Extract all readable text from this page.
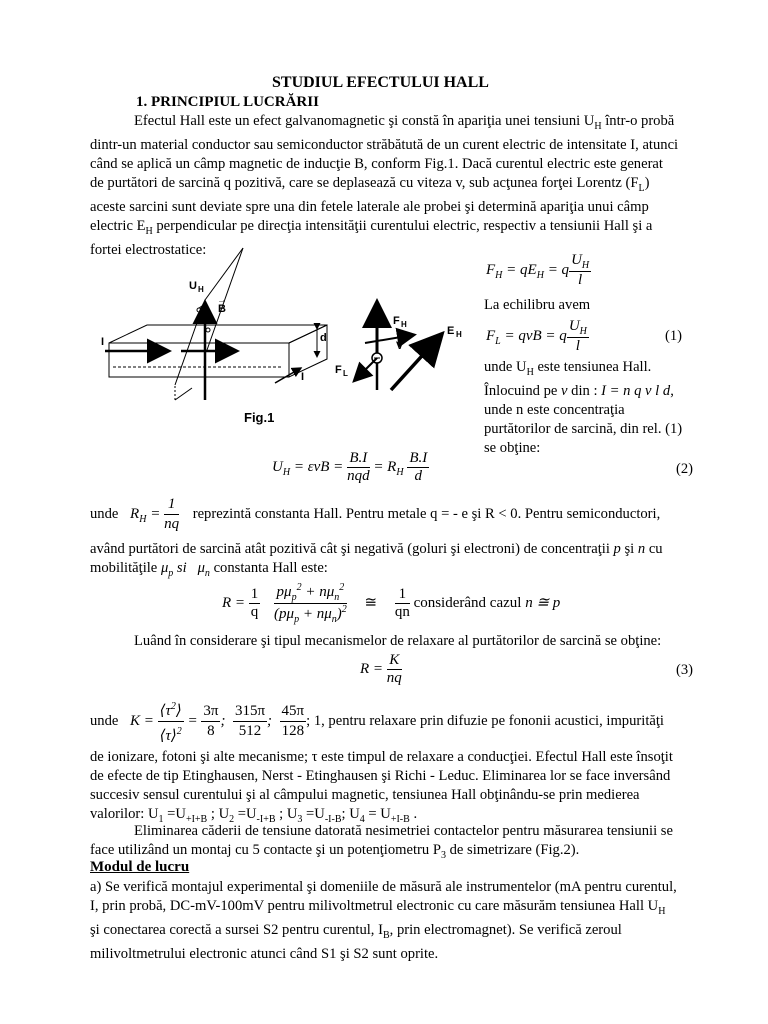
STUDIUL EFECTULUI HALL
1. PRINCIPIUL LUCRĂRII
Efectul Hall este un efect galvanomagnetic şi constă în apariţia unei tensiuni $U_H$ într-o probă
dintr-un material conductor sau semiconductor străbătută de un curent electric de intensitate I, atunci
când se aplică un câmp magnetic de inducţie B, conform Fig.1. Dacă curentul electric este generat
de purtători de sarcină q pozitivă, care se deplasează cu viteza v, sub acţunea forţei Lorentz $(F_L)$
aceste sarcini sunt deviate spre una din fetele laterale ale probei şi determină apariţia unui câmp
electric $E_H$ perpendicular pe direcţia intensităţii curentului electric, respectiv a tensiunii Hall şi a
fortei electrostatice:
U H
B
→
I	d
I
F H
E H
V
F L
Fig.1
$F_H = qE_H = q \frac{U_H}{l}$
La echilibru avem
$F_L$ = qvB = q $\frac{U_H}{l}$	(1)
unde $U_H$ este tensiunea Hall.
Înlocuind pe v din : I = n q v l d,
unde n este concentraţia
purtătorilor de sarcină, din rel. (1)
se obţine:
$U_H = \varepsilon vB = \frac{B.I}{\text{nqd}} = R_H \frac{B.I}{d}$	(2)
unde $R_H = \frac{1}{nq}$ reprezintă constanta Hall. Pentru metale q = - e şi R < 0. Pentru semiconductori,
având purtători de sarcină atât pozitivă cât şi negativă (goluri şi electroni) de concentraţii p şi n cu
mobilităţile $\mu_p$ si   $\mu_n$ constanta Hall este:
$R = \frac{1}{q}$
$\frac{p\mu_p^2 + n\mu_n^2}{(p\mu_p + n\mu_n)^2}$ ≅ $\frac{1}{qn}$ considerând cazul n ≅ p
Luând în considerare şi tipul mecanismelor de relaxare al purtătorilor de sarcină se obţine:
$R = \frac{K}{nq}$	(3)
unde $K = \frac{⟨\tau^2⟩}{⟨\tau⟩^2} = \frac{3\pi}{8}$ ; $\frac{315\pi}{512}$ ; $\frac{45\pi}{128}$ ; 1, pentru relaxare prin difuzie pe fononii acustici, impurităţi
de ionizare, fotoni şi alte mecanisme; τ este timpul de relaxare a conducţiei. Efectul Hall este însoţit
de efecte de tip Etinghausen, Nerst - Etinghausen şi Richi - Leduc. Eliminarea lor se face inversând
succesiv sensul curentului şi al câmpului magnetic, tensiunea Hall obţinându-se prin medierea
valorilor: $U_1 =U_{+I+B}$ ; $U_2 =U_{-I+B}$ ; $U_3 =U_{-I-B}$; $U_4 = U_{+I-B}$ .
Eliminarea căderii de tensiune datorată nesimetriei contactelor pentru măsurarea tensiunii se
face utilizând un montaj cu 5 contacte şi un potenţiometru $P_3$ de simetrizare (Fig.2).
Modul de lucru
a) Se verifică montajul experimental şi domeniile de măsură ale instrumentelor (mA pentru curentul,
I, prin probă, DC-mV-100mV pentru milivoltmetrul electronic cu care măsurăm tensiunea Hall $U_H$
şi conectarea corectă a sursei S2 pentru curentul, $I_B$, prin electromagnet). Se verifică zeroul
milivoltmetrului electronic atunci când S1 şi S2 sunt oprite.
